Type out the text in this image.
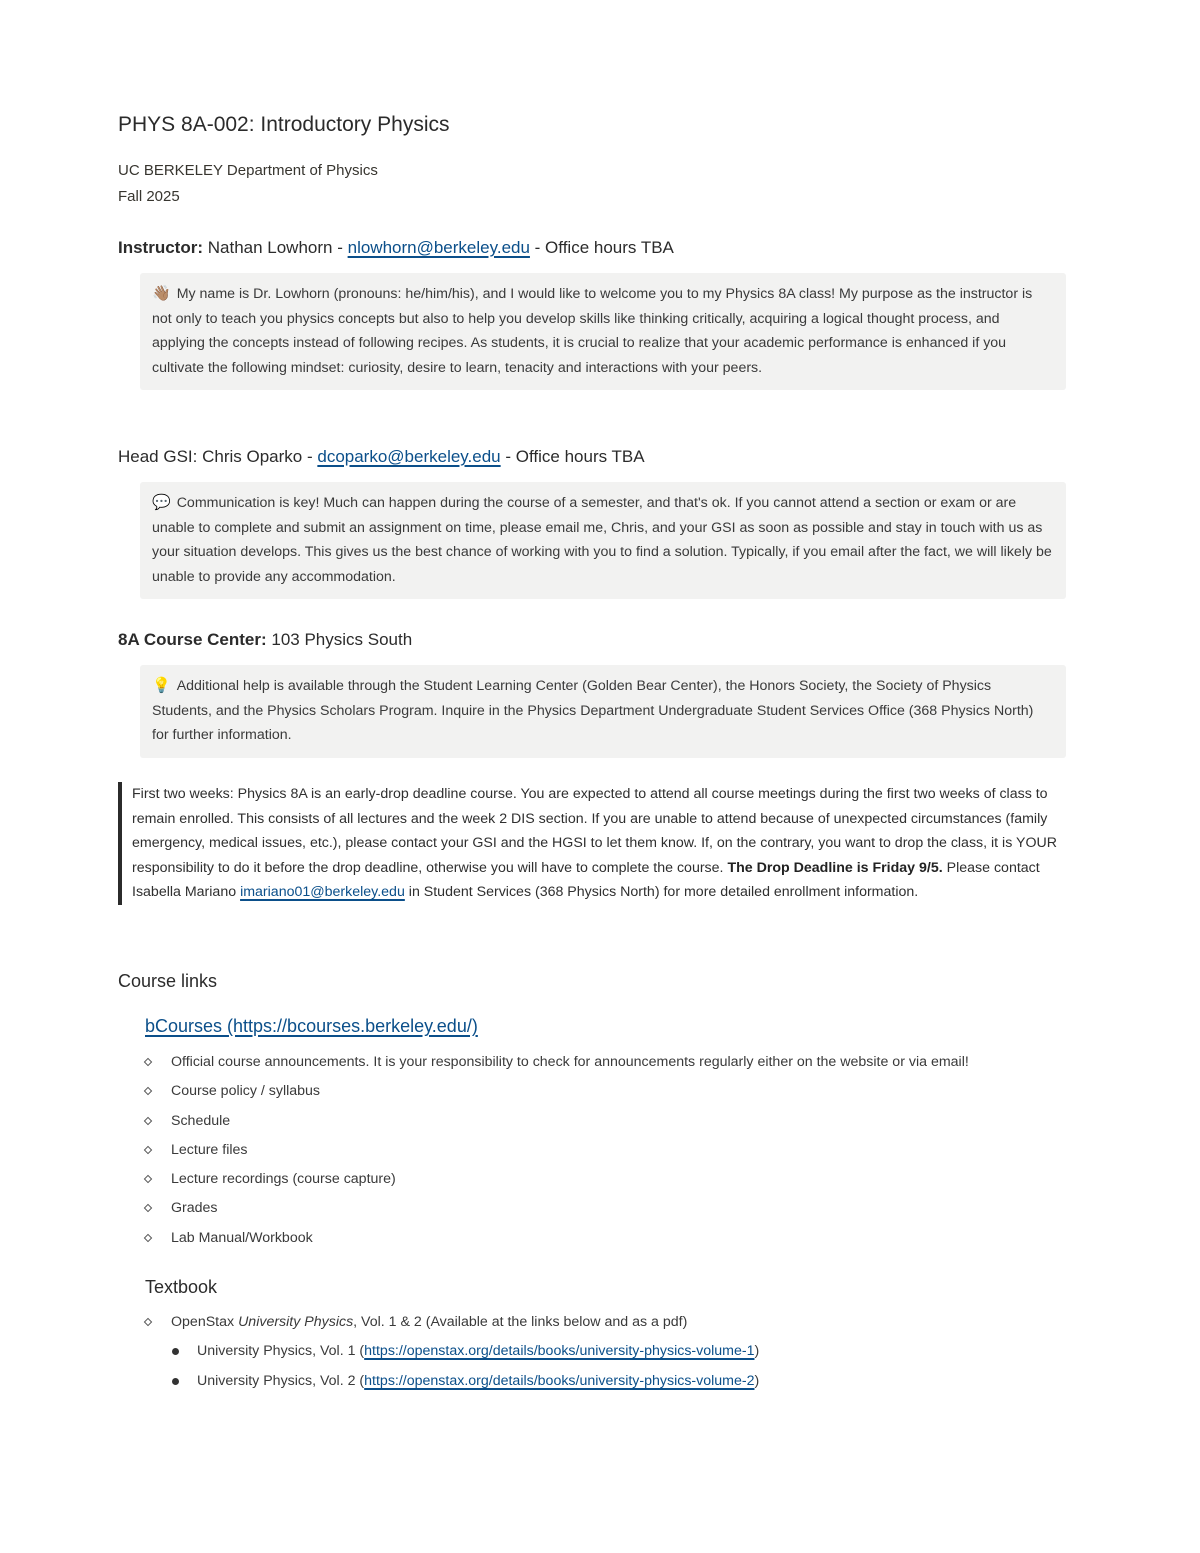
PHYS 8A-002: Introductory Physics
UC BERKELEY Department of Physics
Fall 2025
Instructor: Nathan Lowhorn - nlowhorn@berkeley.edu - Office hours TBA
👋🏽 My name is Dr. Lowhorn (pronouns: he/him/his), and I would like to welcome you to my Physics 8A class! My purpose as the instructor is not only to teach you physics concepts but also to help you develop skills like thinking critically, acquiring a logical thought process, and applying the concepts instead of following recipes. As students, it is crucial to realize that your academic performance is enhanced if you cultivate the following mindset: curiosity, desire to learn, tenacity and interactions with your peers.
Head GSI: Chris Oparko - dcoparko@berkeley.edu - Office hours TBA
💬 Communication is key! Much can happen during the course of a semester, and that's ok. If you cannot attend a section or exam or are unable to complete and submit an assignment on time, please email me, Chris, and your GSI as soon as possible and stay in touch with us as your situation develops. This gives us the best chance of working with you to find a solution. Typically, if you email after the fact, we will likely be unable to provide any accommodation.
8A Course Center: 103 Physics South
💡 Additional help is available through the Student Learning Center (Golden Bear Center), the Honors Society, the Society of Physics Students, and the Physics Scholars Program. Inquire in the Physics Department Undergraduate Student Services Office (368 Physics North) for further information.
First two weeks: Physics 8A is an early-drop deadline course. You are expected to attend all course meetings during the first two weeks of class to remain enrolled. This consists of all lectures and the week 2 DIS section. If you are unable to attend because of unexpected circumstances (family emergency, medical issues, etc.), please contact your GSI and the HGSI to let them know. If, on the contrary, you want to drop the class, it is YOUR responsibility to do it before the drop deadline, otherwise you will have to complete the course. The Drop Deadline is Friday 9/5. Please contact Isabella Mariano imariano01@berkeley.edu in Student Services (368 Physics North) for more detailed enrollment information.
Course links
bCourses (https://bcourses.berkeley.edu/)
Official course announcements. It is your responsibility to check for announcements regularly either on the website or via email!
Course policy / syllabus
Schedule
Lecture files
Lecture recordings (course capture)
Grades
Lab Manual/Workbook
Textbook
OpenStax University Physics, Vol. 1 & 2 (Available at the links below and as a pdf)
University Physics, Vol. 1 (https://openstax.org/details/books/university-physics-volume-1)
University Physics, Vol. 2 (https://openstax.org/details/books/university-physics-volume-2)
